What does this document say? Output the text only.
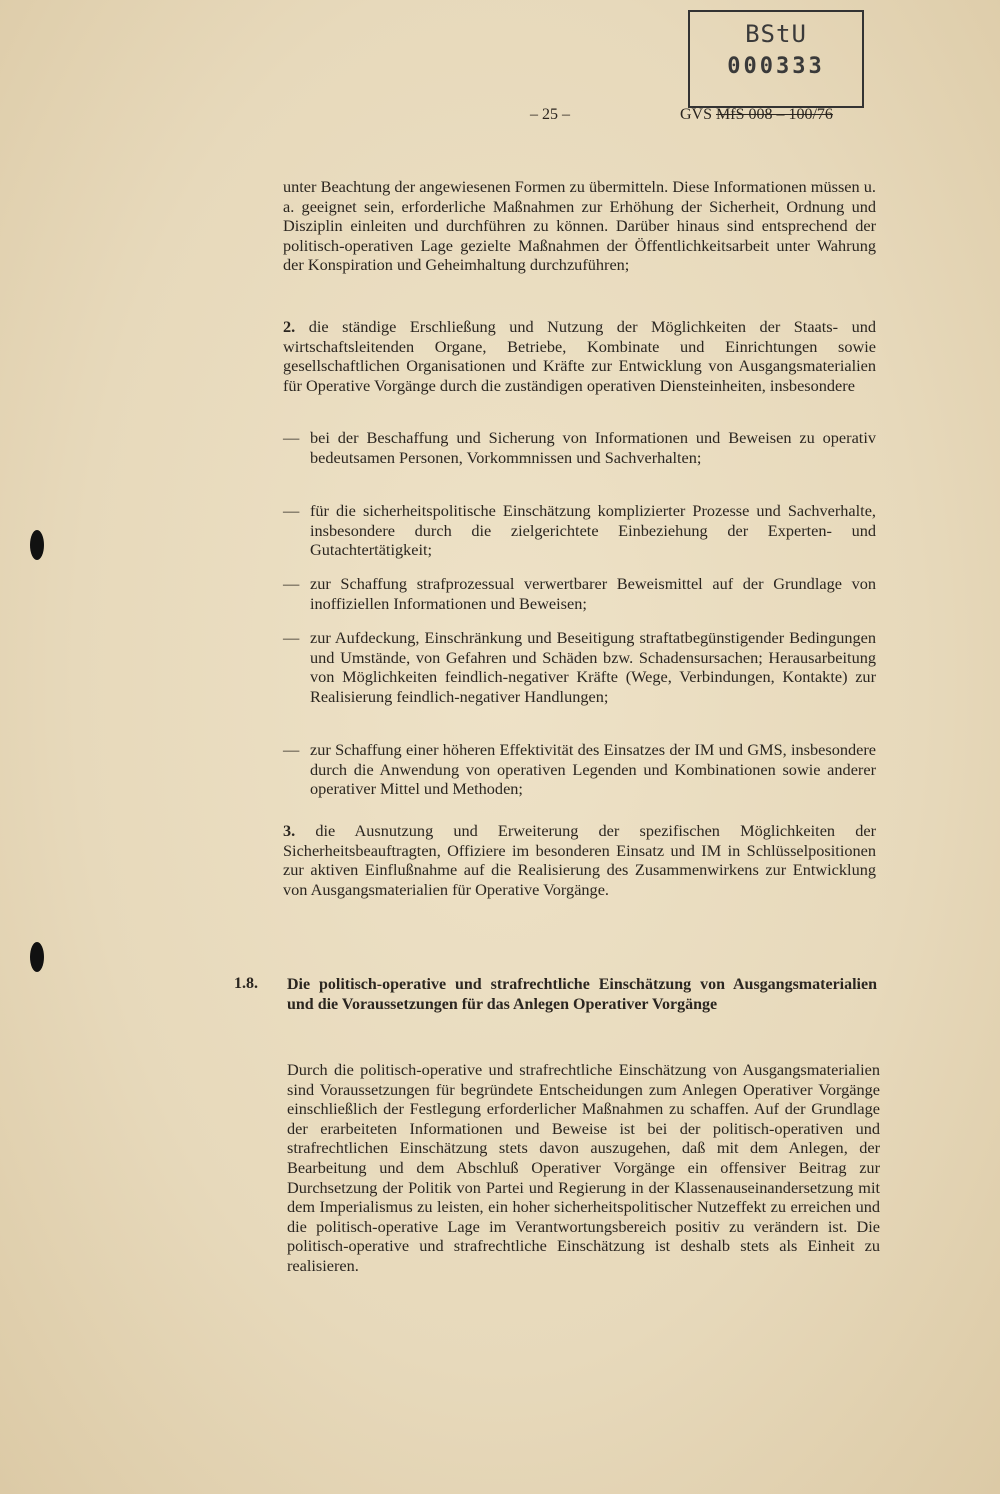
BStU
000333
– 25 –	GVS MfS 008 – 100/76
unter Beachtung der angewiesenen Formen zu übermitteln. Diese Informationen müssen u. a. geeignet sein, erforderliche Maßnahmen zur Erhöhung der Sicherheit, Ordnung und Disziplin einleiten und durchführen zu können. Darüber hinaus sind entsprechend der politisch-operativen Lage gezielte Maßnahmen der Öffentlichkeitsarbeit unter Wahrung der Konspiration und Geheimhaltung durchzuführen;
2. die ständige Erschließung und Nutzung der Möglichkeiten der Staats- und wirtschaftsleitenden Organe, Betriebe, Kombinate und Einrichtungen sowie gesellschaftlichen Organisationen und Kräfte zur Entwicklung von Ausgangsmaterialien für Operative Vorgänge durch die zuständigen operativen Diensteinheiten, insbesondere
— bei der Beschaffung und Sicherung von Informationen und Beweisen zu operativ bedeutsamen Personen, Vorkommnissen und Sachverhalten;
— für die sicherheitspolitische Einschätzung komplizierter Prozesse und Sachverhalte, insbesondere durch die zielgerichtete Einbeziehung der Experten- und Gutachtertätigkeit;
— zur Schaffung strafprozessual verwertbarer Beweismittel auf der Grundlage von inoffiziellen Informationen und Beweisen;
— zur Aufdeckung, Einschränkung und Beseitigung straftatbegünstigender Bedingungen und Umstände, von Gefahren und Schäden bzw. Schadensursachen; Herausarbeitung von Möglichkeiten feindlich-negativer Kräfte (Wege, Verbindungen, Kontakte) zur Realisierung feindlich-negativer Handlungen;
— zur Schaffung einer höheren Effektivität des Einsatzes der IM und GMS, insbesondere durch die Anwendung von operativen Legenden und Kombinationen sowie anderer operativer Mittel und Methoden;
3. die Ausnutzung und Erweiterung der spezifischen Möglichkeiten der Sicherheitsbeauftragten, Offiziere im besonderen Einsatz und IM in Schlüsselpositionen zur aktiven Einflußnahme auf die Realisierung des Zusammenwirkens zur Entwicklung von Ausgangsmaterialien für Operative Vorgänge.
1.8. Die politisch-operative und strafrechtliche Einschätzung von Ausgangsmaterialien und die Voraussetzungen für das Anlegen Operativer Vorgänge
Durch die politisch-operative und strafrechtliche Einschätzung von Ausgangsmaterialien sind Voraussetzungen für begründete Entscheidungen zum Anlegen Operativer Vorgänge einschließlich der Festlegung erforderlicher Maßnahmen zu schaffen. Auf der Grundlage der erarbeiteten Informationen und Beweise ist bei der politisch-operativen und strafrechtlichen Einschätzung stets davon auszugehen, daß mit dem Anlegen, der Bearbeitung und dem Abschluß Operativer Vorgänge ein offensiver Beitrag zur Durchsetzung der Politik von Partei und Regierung in der Klassenauseinandersetzung mit dem Imperialismus zu leisten, ein hoher sicherheitspolitischer Nutzeffekt zu erreichen und die politisch-operative Lage im Verantwortungsbereich positiv zu verändern ist. Die politisch-operative und strafrechtliche Einschätzung ist deshalb stets als Einheit zu realisieren.
